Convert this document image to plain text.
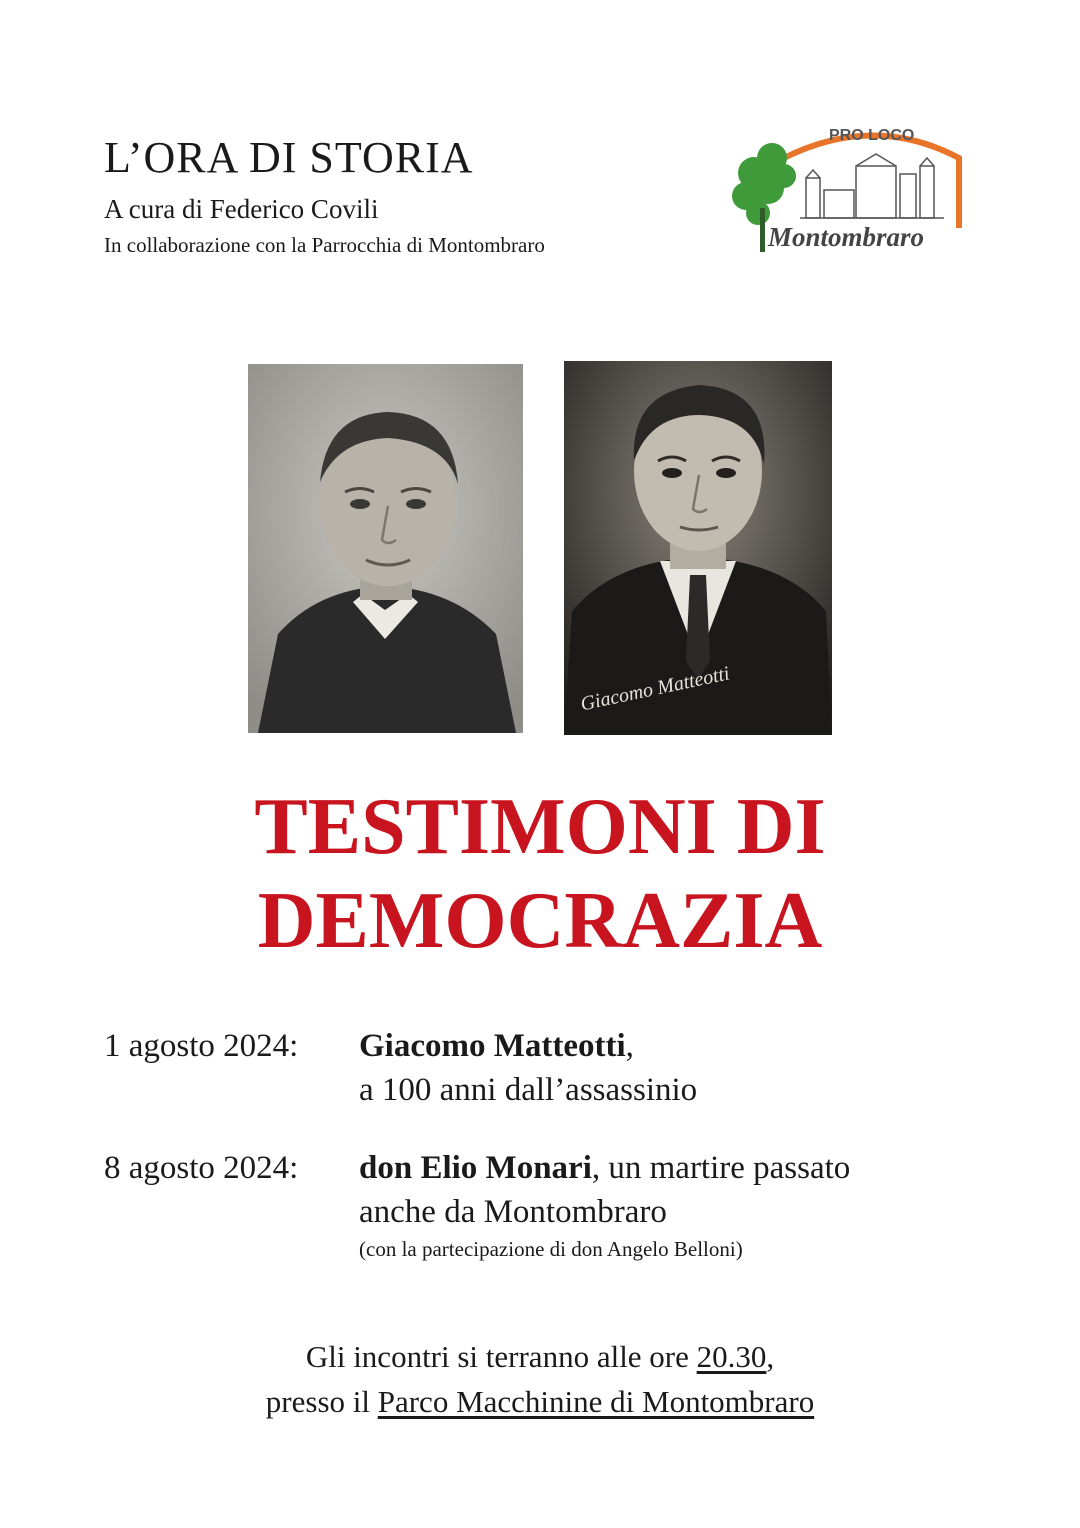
L’ORA DI STORIA
A cura di Federico Covili
In collaborazione con la Parrocchia di Montombraro
PRO LOCO
Montombraro
Giacomo Matteotti
TESTIMONI DI
DEMOCRAZIA
1 agosto 2024: Giacomo Matteotti,
a 100 anni dall’assassinio
8 agosto 2024: don Elio Monari, un martire passato
anche da Montombraro
(con la partecipazione di don Angelo Belloni)
Gli incontri si terranno alle ore 20.30,
presso il Parco Macchinine di Montombraro
